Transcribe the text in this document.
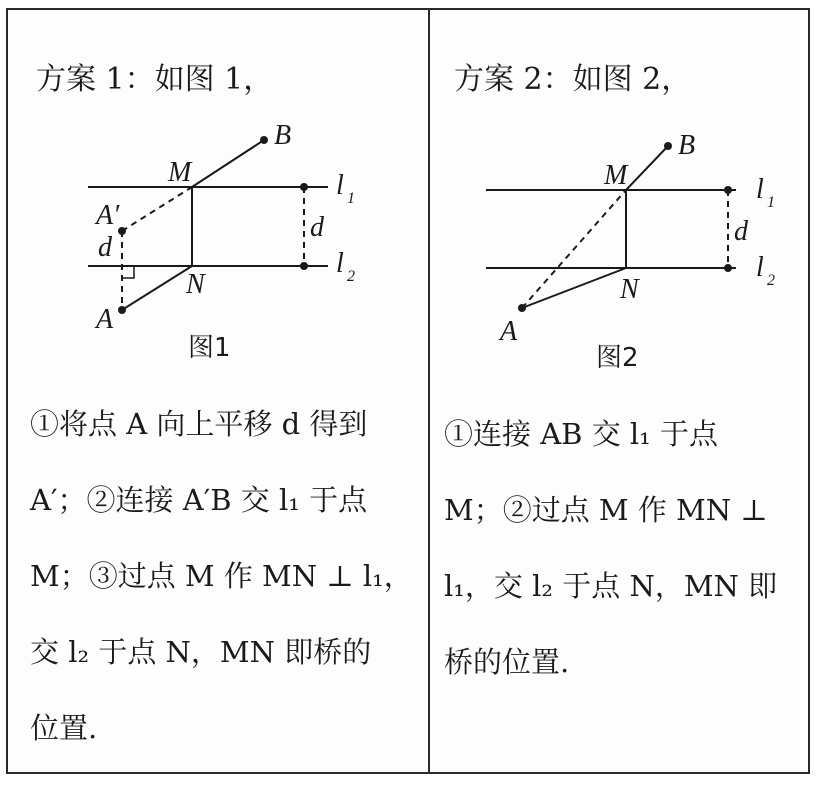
方案 1：如图 1，
B
M
A′
d
d
N
A
l 1
l 2
图1
①将点 A 向上平移 d 得到
A′；②连接 A′B 交 l₁ 于点
M；③过点 M 作 MN ⊥ l₁，
交 l₂ 于点 N，MN 即桥的
位置.
方案 2：如图 2，
B
M
d
N
A
l 1
l 2
图2
①连接 AB 交 l₁ 于点
M；②过点 M 作 MN ⊥
l₁，交 l₂ 于点 N，MN 即
桥的位置.
